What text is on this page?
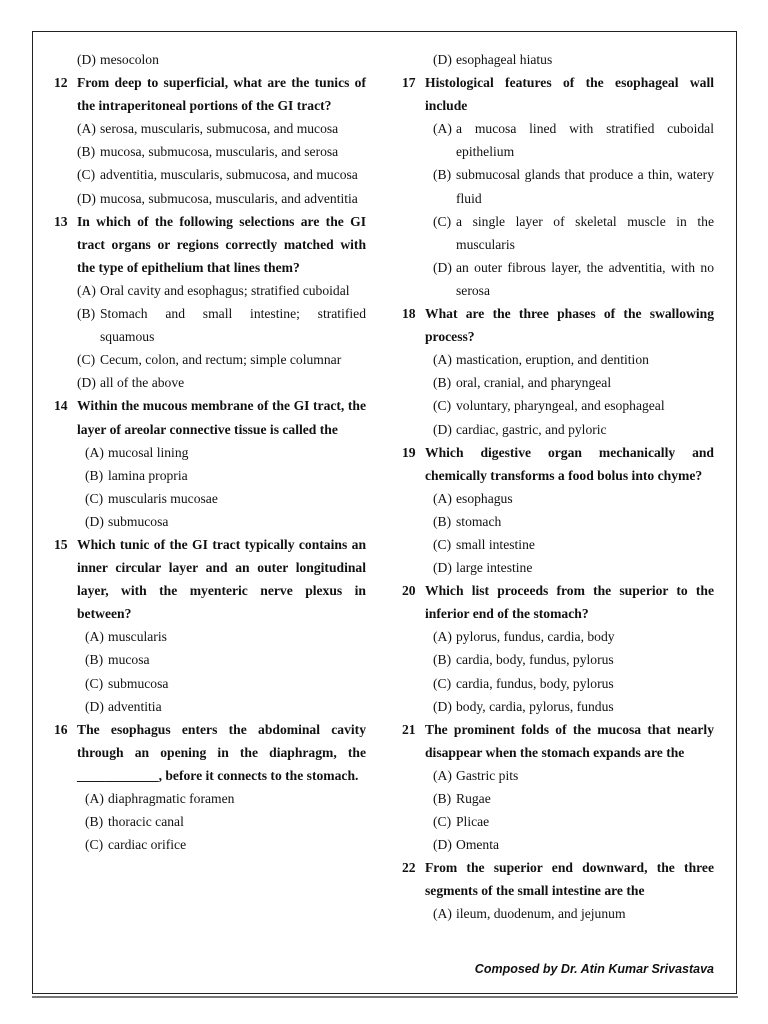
(D) mesocolon
12 From deep to superficial, what are the tunics of the intraperitoneal portions of the GI tract?
(A) serosa, muscularis, submucosa, and mucosa
(B) mucosa, submucosa, muscularis, and serosa
(C) adventitia, muscularis, submucosa, and mucosa
(D) mucosa, submucosa, muscularis, and adventitia
13 In which of the following selections are the GI tract organs or regions correctly matched with the type of epithelium that lines them?
(A) Oral cavity and esophagus; stratified cuboidal
(B) Stomach and small intestine; stratified squamous
(C) Cecum, colon, and rectum; simple columnar
(D) all of the above
14 Within the mucous membrane of the GI tract, the layer of areolar connective tissue is called the
(A) mucosal lining
(B) lamina propria
(C) muscularis mucosae
(D) submucosa
15 Which tunic of the GI tract typically contains an inner circular layer and an outer longitudinal layer, with the myenteric nerve plexus in between?
(A) muscularis
(B) mucosa
(C) submucosa
(D) adventitia
16 The esophagus enters the abdominal cavity through an opening in the diaphragm, the ____________, before it connects to the stomach.
(A) diaphragmatic foramen
(B) thoracic canal
(C) cardiac orifice
(D) esophageal hiatus
17 Histological features of the esophageal wall include
(A) a mucosa lined with stratified cuboidal epithelium
(B) submucosal glands that produce a thin, watery fluid
(C) a single layer of skeletal muscle in the muscularis
(D) an outer fibrous layer, the adventitia, with no serosa
18 What are the three phases of the swallowing process?
(A) mastication, eruption, and dentition
(B) oral, cranial, and pharyngeal
(C) voluntary, pharyngeal, and esophageal
(D) cardiac, gastric, and pyloric
19 Which digestive organ mechanically and chemically transforms a food bolus into chyme?
(A) esophagus
(B) stomach
(C) small intestine
(D) large intestine
20 Which list proceeds from the superior to the inferior end of the stomach?
(A) pylorus, fundus, cardia, body
(B) cardia, body, fundus, pylorus
(C) cardia, fundus, body, pylorus
(D) body, cardia, pylorus, fundus
21 The prominent folds of the mucosa that nearly disappear when the stomach expands are the
(A) Gastric pits
(B) Rugae
(C) Plicae
(D) Omenta
22 From the superior end downward, the three segments of the small intestine are the
(A) ileum, duodenum, and jejunum
Composed by Dr. Atin Kumar Srivastava
